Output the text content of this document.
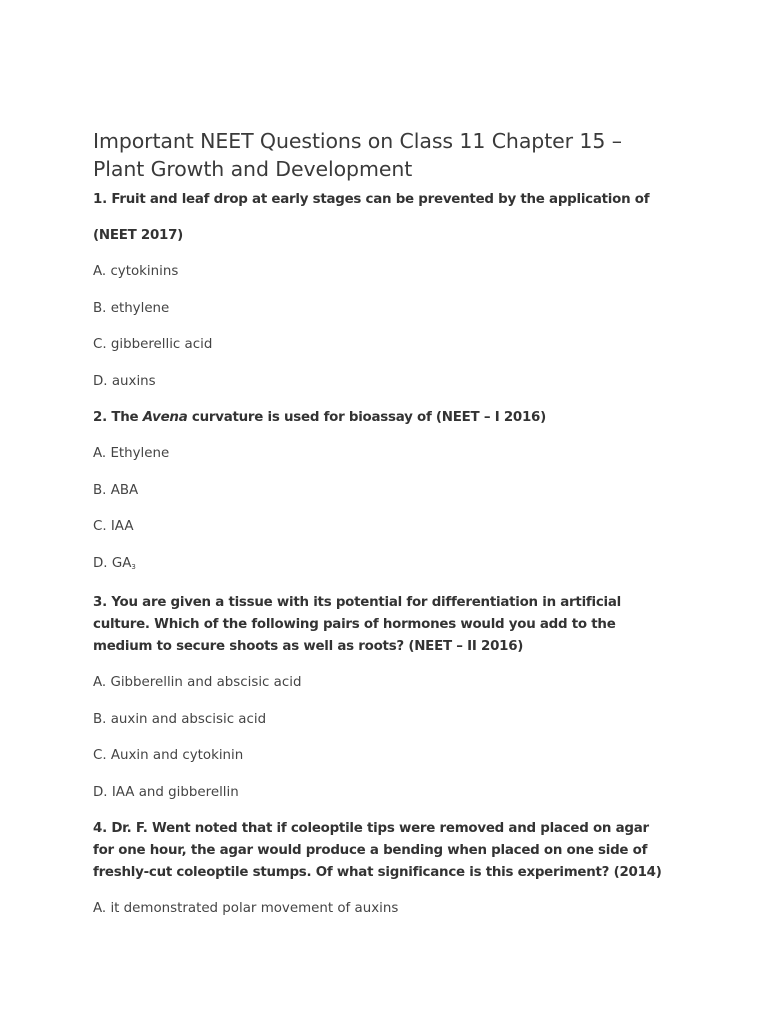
Important NEET Questions on Class 11 Chapter 15 – Plant Growth and Development

1. Fruit and leaf drop at early stages can be prevented by the application of

(NEET 2017)

A. cytokinins

B. ethylene

C. gibberellic acid

D. auxins

2. The Avena curvature is used for bioassay of (NEET – I 2016)

A. Ethylene

B. ABA

C. IAA

D. $GA_3$

3. You are given a tissue with its potential for differentiation in artificial culture. Which of the following pairs of hormones would you add to the medium to secure shoots as well as roots? (NEET – II 2016)

A. Gibberellin and abscisic acid

B. auxin and abscisic acid

C. Auxin and cytokinin

D. IAA and gibberellin

4. Dr. F. Went noted that if coleoptile tips were removed and placed on agar for one hour, the agar would produce a bending when placed on one side of freshly-cut coleoptile stumps. Of what significance is this experiment? (2014)

A. it demonstrated polar movement of auxins
